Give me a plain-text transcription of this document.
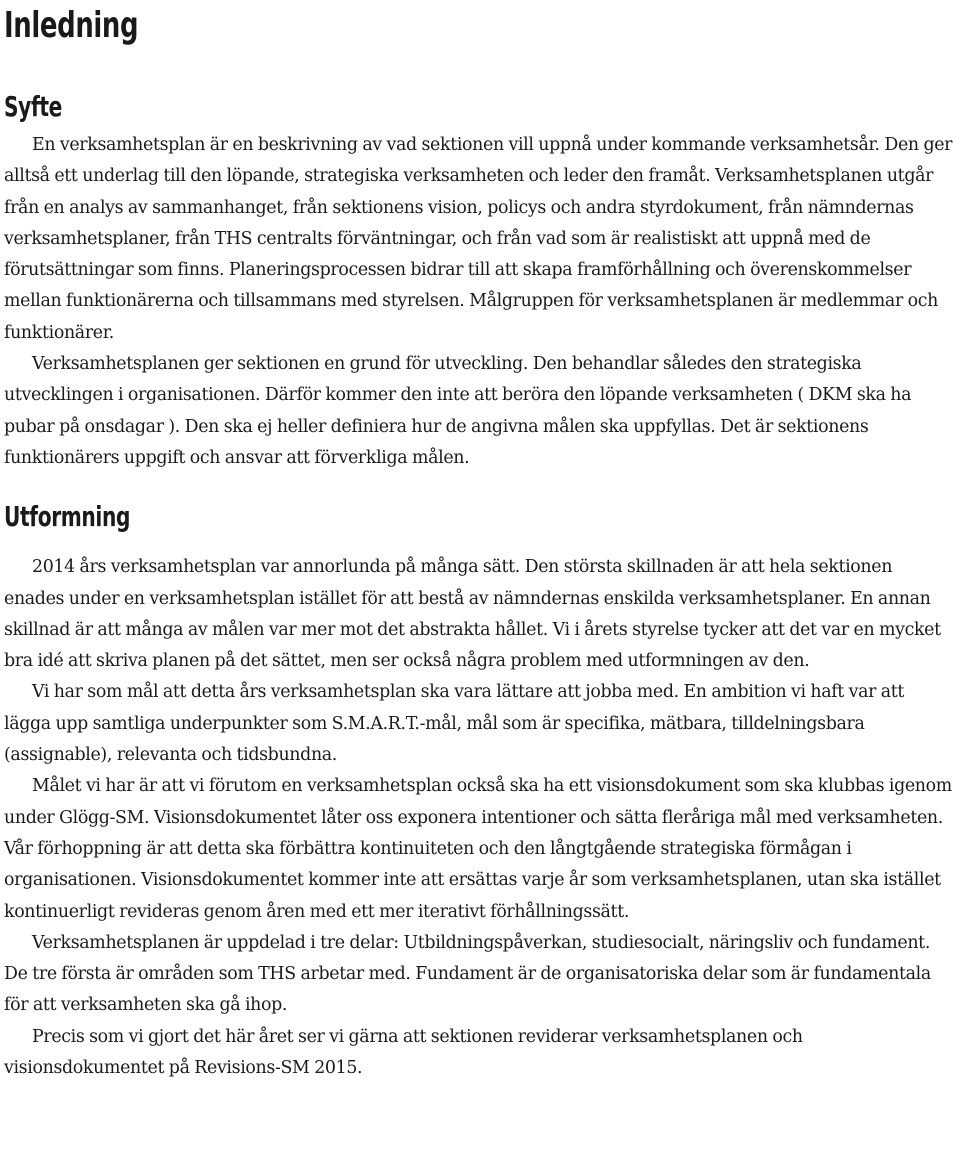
Inledning
Syfte

En verksamhetsplan är en beskrivning av vad sektionen vill uppnå under kommande verksamhetsår. Den ger alltså ett underlag till den löpande, strategiska verksamheten och leder den framåt. Verksamhetsplanen utgår från en analys av sammanhanget, från sektionens vision, policys och andra styrdokument, från nämndernas verksamhetsplaner, från THS centralts förväntningar, och från vad som är realistiskt att uppnå med de förutsättningar som finns. Planeringsprocessen bidrar till att skapa framförhållning och överenskommelser mellan funktionärerna och tillsammans med styrelsen. Målgruppen för verksamhetsplanen är medlemmar och funktionärer.

Verksamhetsplanen ger sektionen en grund för utveckling. Den behandlar således den strategiska utvecklingen i organisationen. Därför kommer den inte att beröra den löpande verksamheten ( DKM ska ha pubar på onsdagar ). Den ska ej heller definiera hur de angivna målen ska uppfyllas. Det är sektionens funktionärers uppgift och ansvar att förverkliga målen.

Utformning

2014 års verksamhetsplan var annorlunda på många sätt. Den största skillnaden är att hela sektionen enades under en verksamhetsplan istället för att bestå av nämndernas enskilda verksamhetsplaner. En annan skillnad är att många av målen var mer mot det abstrakta hållet. Vi i årets styrelse tycker att det var en mycket bra idé att skriva planen på det sättet, men ser också några problem med utformningen av den.

Vi har som mål att detta års verksamhetsplan ska vara lättare att jobba med. En ambition vi haft var att lägga upp samtliga underpunkter som S.M.A.R.T.-mål, mål som är specifika, mätbara, tilldelningsbara (assignable), relevanta och tidsbundna.

Målet vi har är att vi förutom en verksamhetsplan också ska ha ett visionsdokument som ska klubbas igenom under Glögg-SM. Visionsdokumentet låter oss exponera intentioner och sätta fleråriga mål med verksamheten. Vår förhoppning är att detta ska förbättra kontinuiteten och den långtgående strategiska förmågan i organisationen. Visionsdokumentet kommer inte att ersättas varje år som verksamhetsplanen, utan ska istället kontinuerligt revideras genom åren med ett mer iterativt förhållningssätt.

Verksamhetsplanen är uppdelad i tre delar: Utbildningspåverkan, studiesocialt, näringsliv och fundament. De tre första är områden som THS arbetar med. Fundament är de organisatoriska delar som är fundamentala för att verksamheten ska gå ihop.

Precis som vi gjort det här året ser vi gärna att sektionen reviderar verksamhetsplanen och visionsdokumentet på Revisions-SM 2015.
